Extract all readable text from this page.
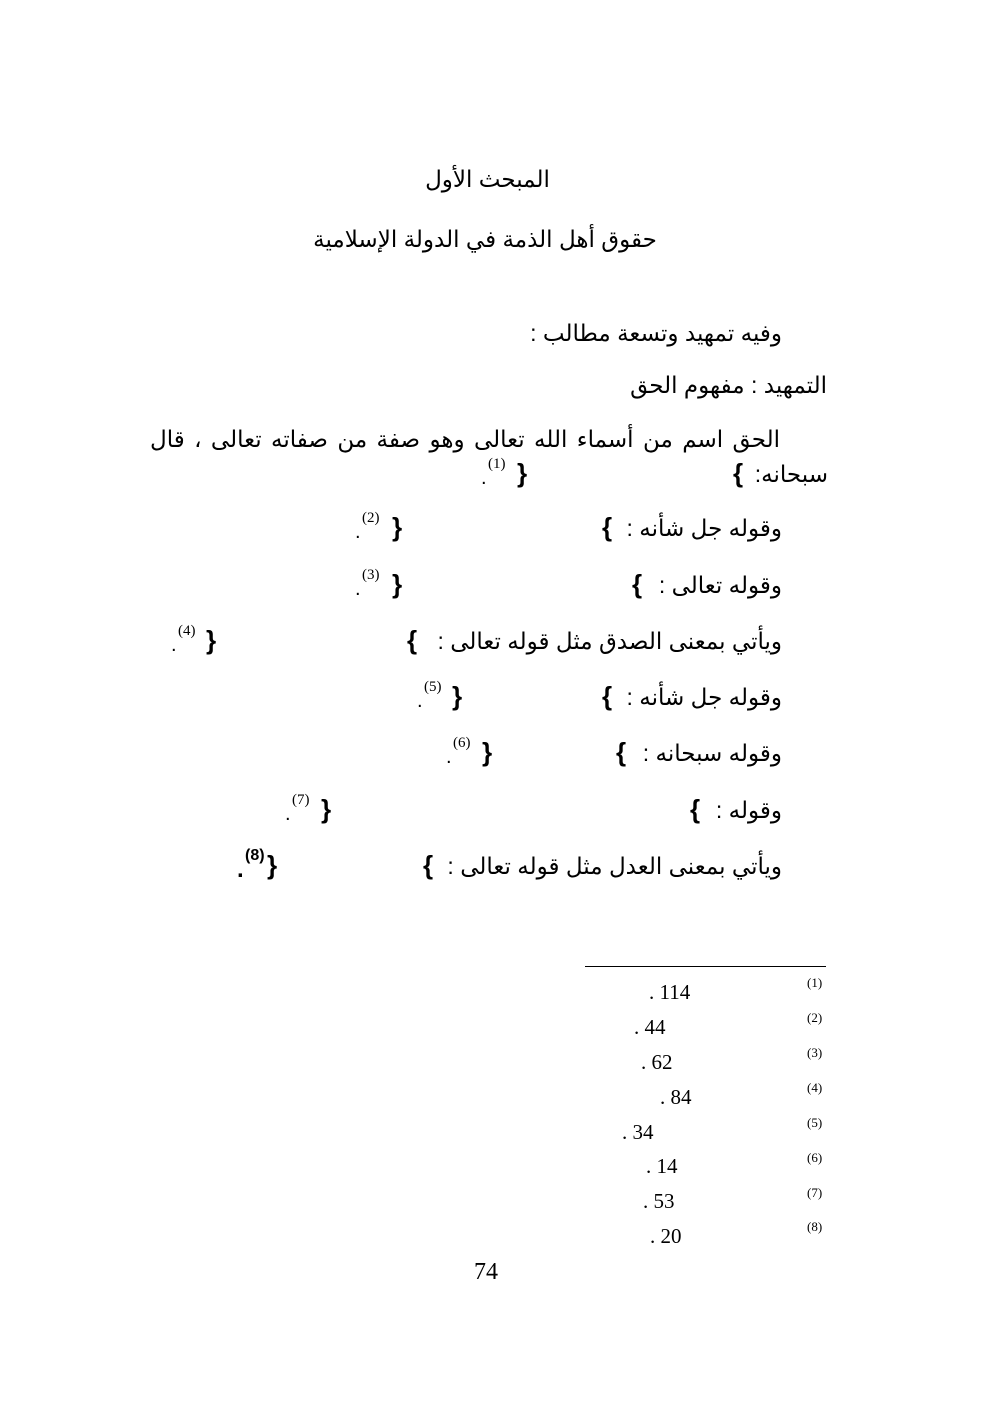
المبحث الأول
حقوق أهل الذمة في الدولة الإسلامية
وفيه تمهيد وتسعة مطالب :
التمهيد : مفهوم الحق
الحق اسم من أسماء الله تعالى وهو صفة من صفاته تعالى ، قال
سبحانه:
{
}
(1)
.
وقوله جل شأنه :
{
}
(2)
.
وقوله تعالى :
{
}
(3)
.
ويأتي بمعنى الصدق مثل قوله تعالى :
{
}
(4)
.
وقوله جل شأنه :
{
}
(5)
.
وقوله سبحانه :
{
}
(6)
.
وقوله :
{
}
(7)
.
ويأتي بمعنى العدل مثل قوله تعالى :
{
}
(8)
.
(1)
. 114
(2)
. 44
(3)
. 62
(4)
. 84
(5)
. 34
(6)
. 14
(7)
. 53
(8)
. 20
74
